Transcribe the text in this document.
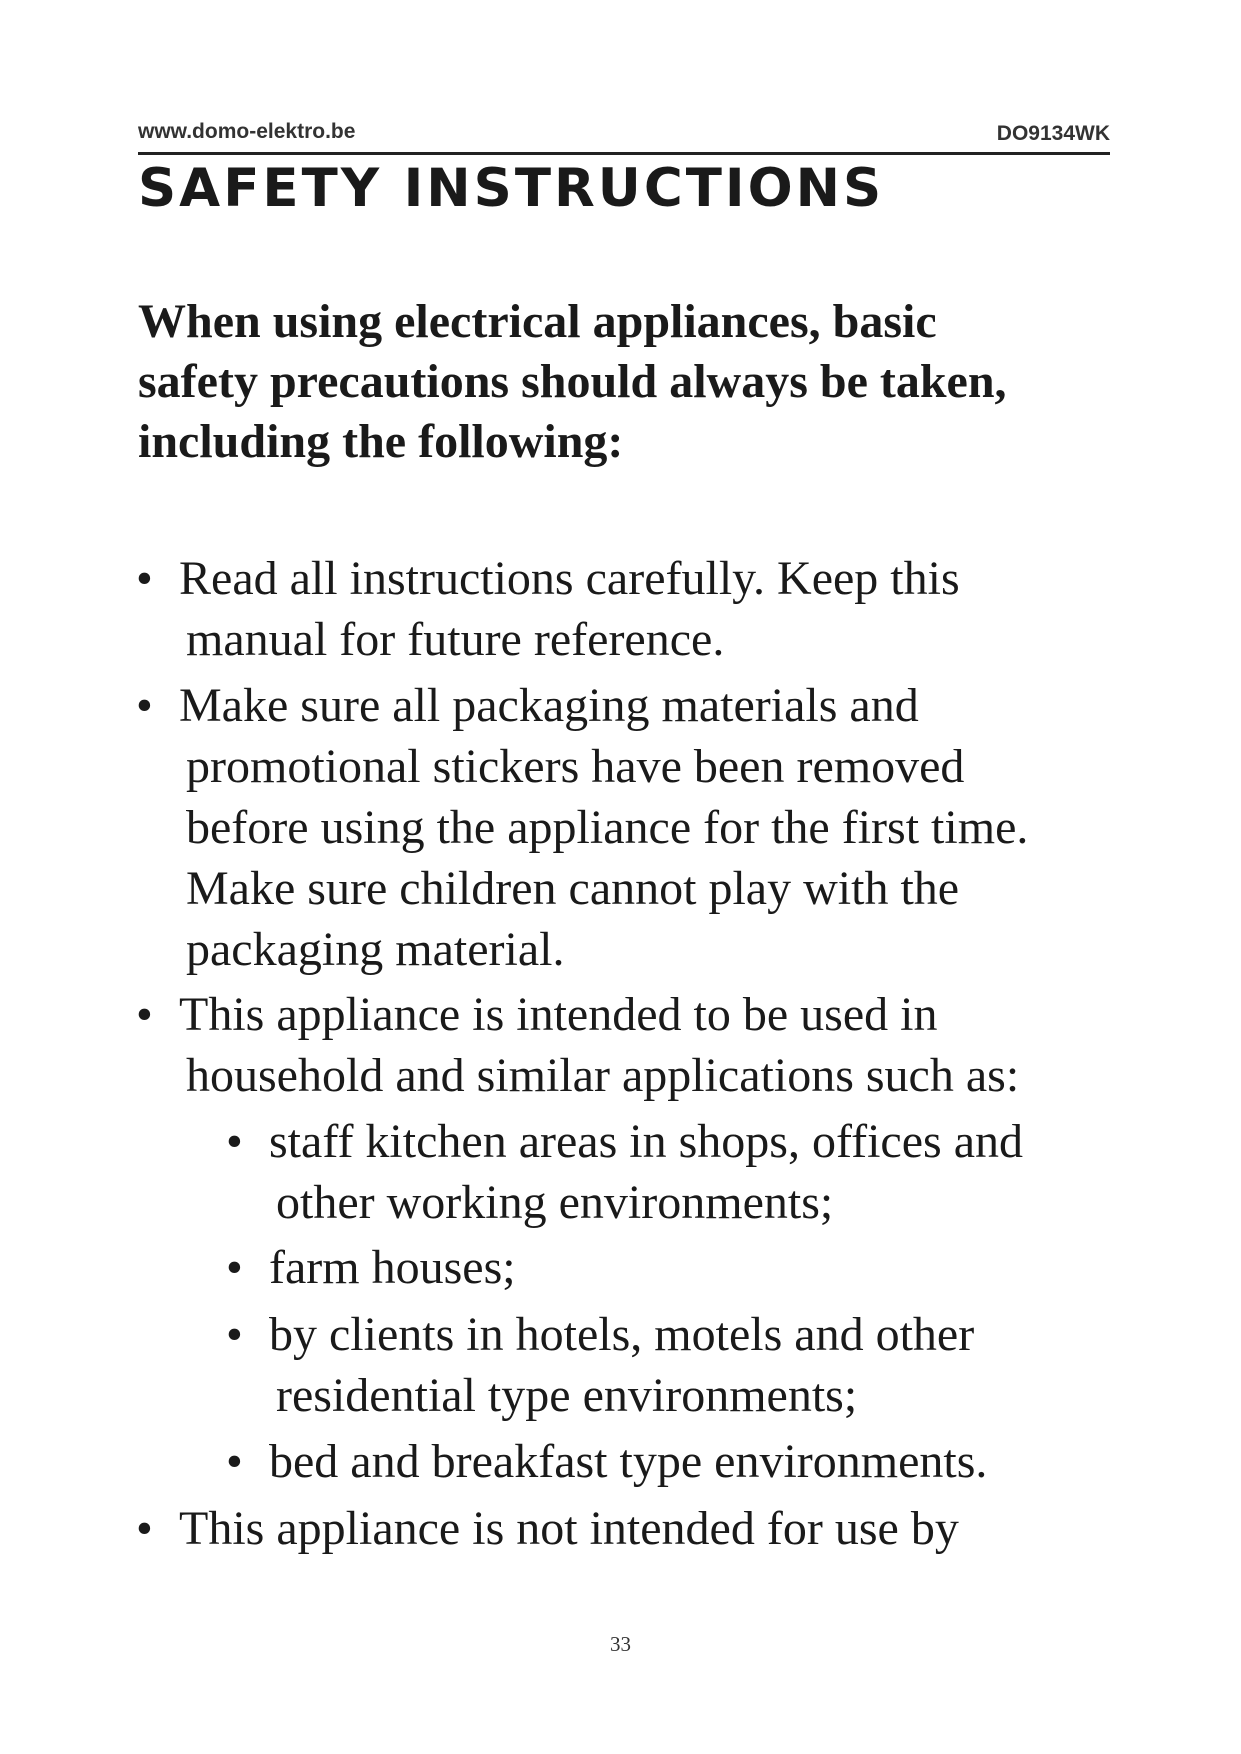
www.domo-elektro.be	DO9134WK
SAFETY INSTRUCTIONS
When using electrical appliances, basic
safety precautions should always be taken,
including the following:
• Read all instructions carefully. Keep this
manual for future reference.
• Make sure all packaging materials and
promotional stickers have been removed
before using the appliance for the first time.
Make sure children cannot play with the
packaging material.
• This appliance is intended to be used in
household and similar applications such as:
• staff kitchen areas in shops, offices and
other working environments;
• farm houses;
• by clients in hotels, motels and other
residential type environments;
• bed and breakfast type environments.
• This appliance is not intended for use by
33
